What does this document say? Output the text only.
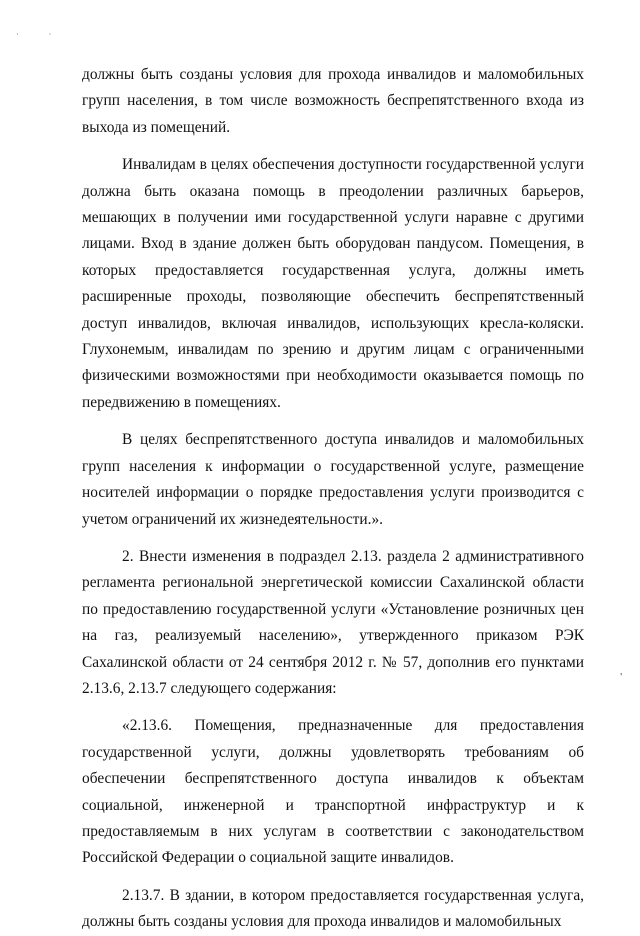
· ·

должны быть созданы условия для прохода инвалидов и маломобильных групп населения, в том числе возможность беспрепятственного входа из выхода из помещений.

Инвалидам в целях обеспечения доступности государственной услуги должна быть оказана помощь в преодолении различных барьеров, мешающих в получении ими государственной услуги наравне с другими лицами. Вход в здание должен быть оборудован пандусом. Помещения, в которых предоставляется государственная услуга, должны иметь расширенные проходы, позволяющие обеспечить беспрепятственный доступ инвалидов, включая инвалидов, использующих кресла-коляски. Глухонемым, инвалидам по зрению и другим лицам с ограниченными физическими возможностями при необходимости оказывается помощь по передвижению в помещениях.

В целях беспрепятственного доступа инвалидов и маломобильных групп населения к информации о государственной услуге, размещение носителей информации о порядке предоставления услуги производится с учетом ограничений их жизнедеятельности.».

2. Внести изменения в подраздел 2.13. раздела 2 административного регламента региональной энергетической комиссии Сахалинской области по предоставлению государственной услуги «Установление розничных цен на газ, реализуемый населению», утвержденного приказом РЭК Сахалинской области от 24 сентября 2012 г. № 57, дополнив его пунктами 2.13.6, 2.13.7 следующего содержания:

«2.13.6. Помещения, предназначенные для предоставления государственной услуги, должны удовлетворять требованиям об обеспечении беспрепятственного доступа инвалидов к объектам социальной, инженерной и транспортной инфраструктур и к предоставляемым в них услугам в соответствии с законодательством Российской Федерации о социальной защите инвалидов.

2.13.7. В здании, в котором предоставляется государственная услуга, должны быть созданы условия для прохода инвалидов и маломобильных

'
